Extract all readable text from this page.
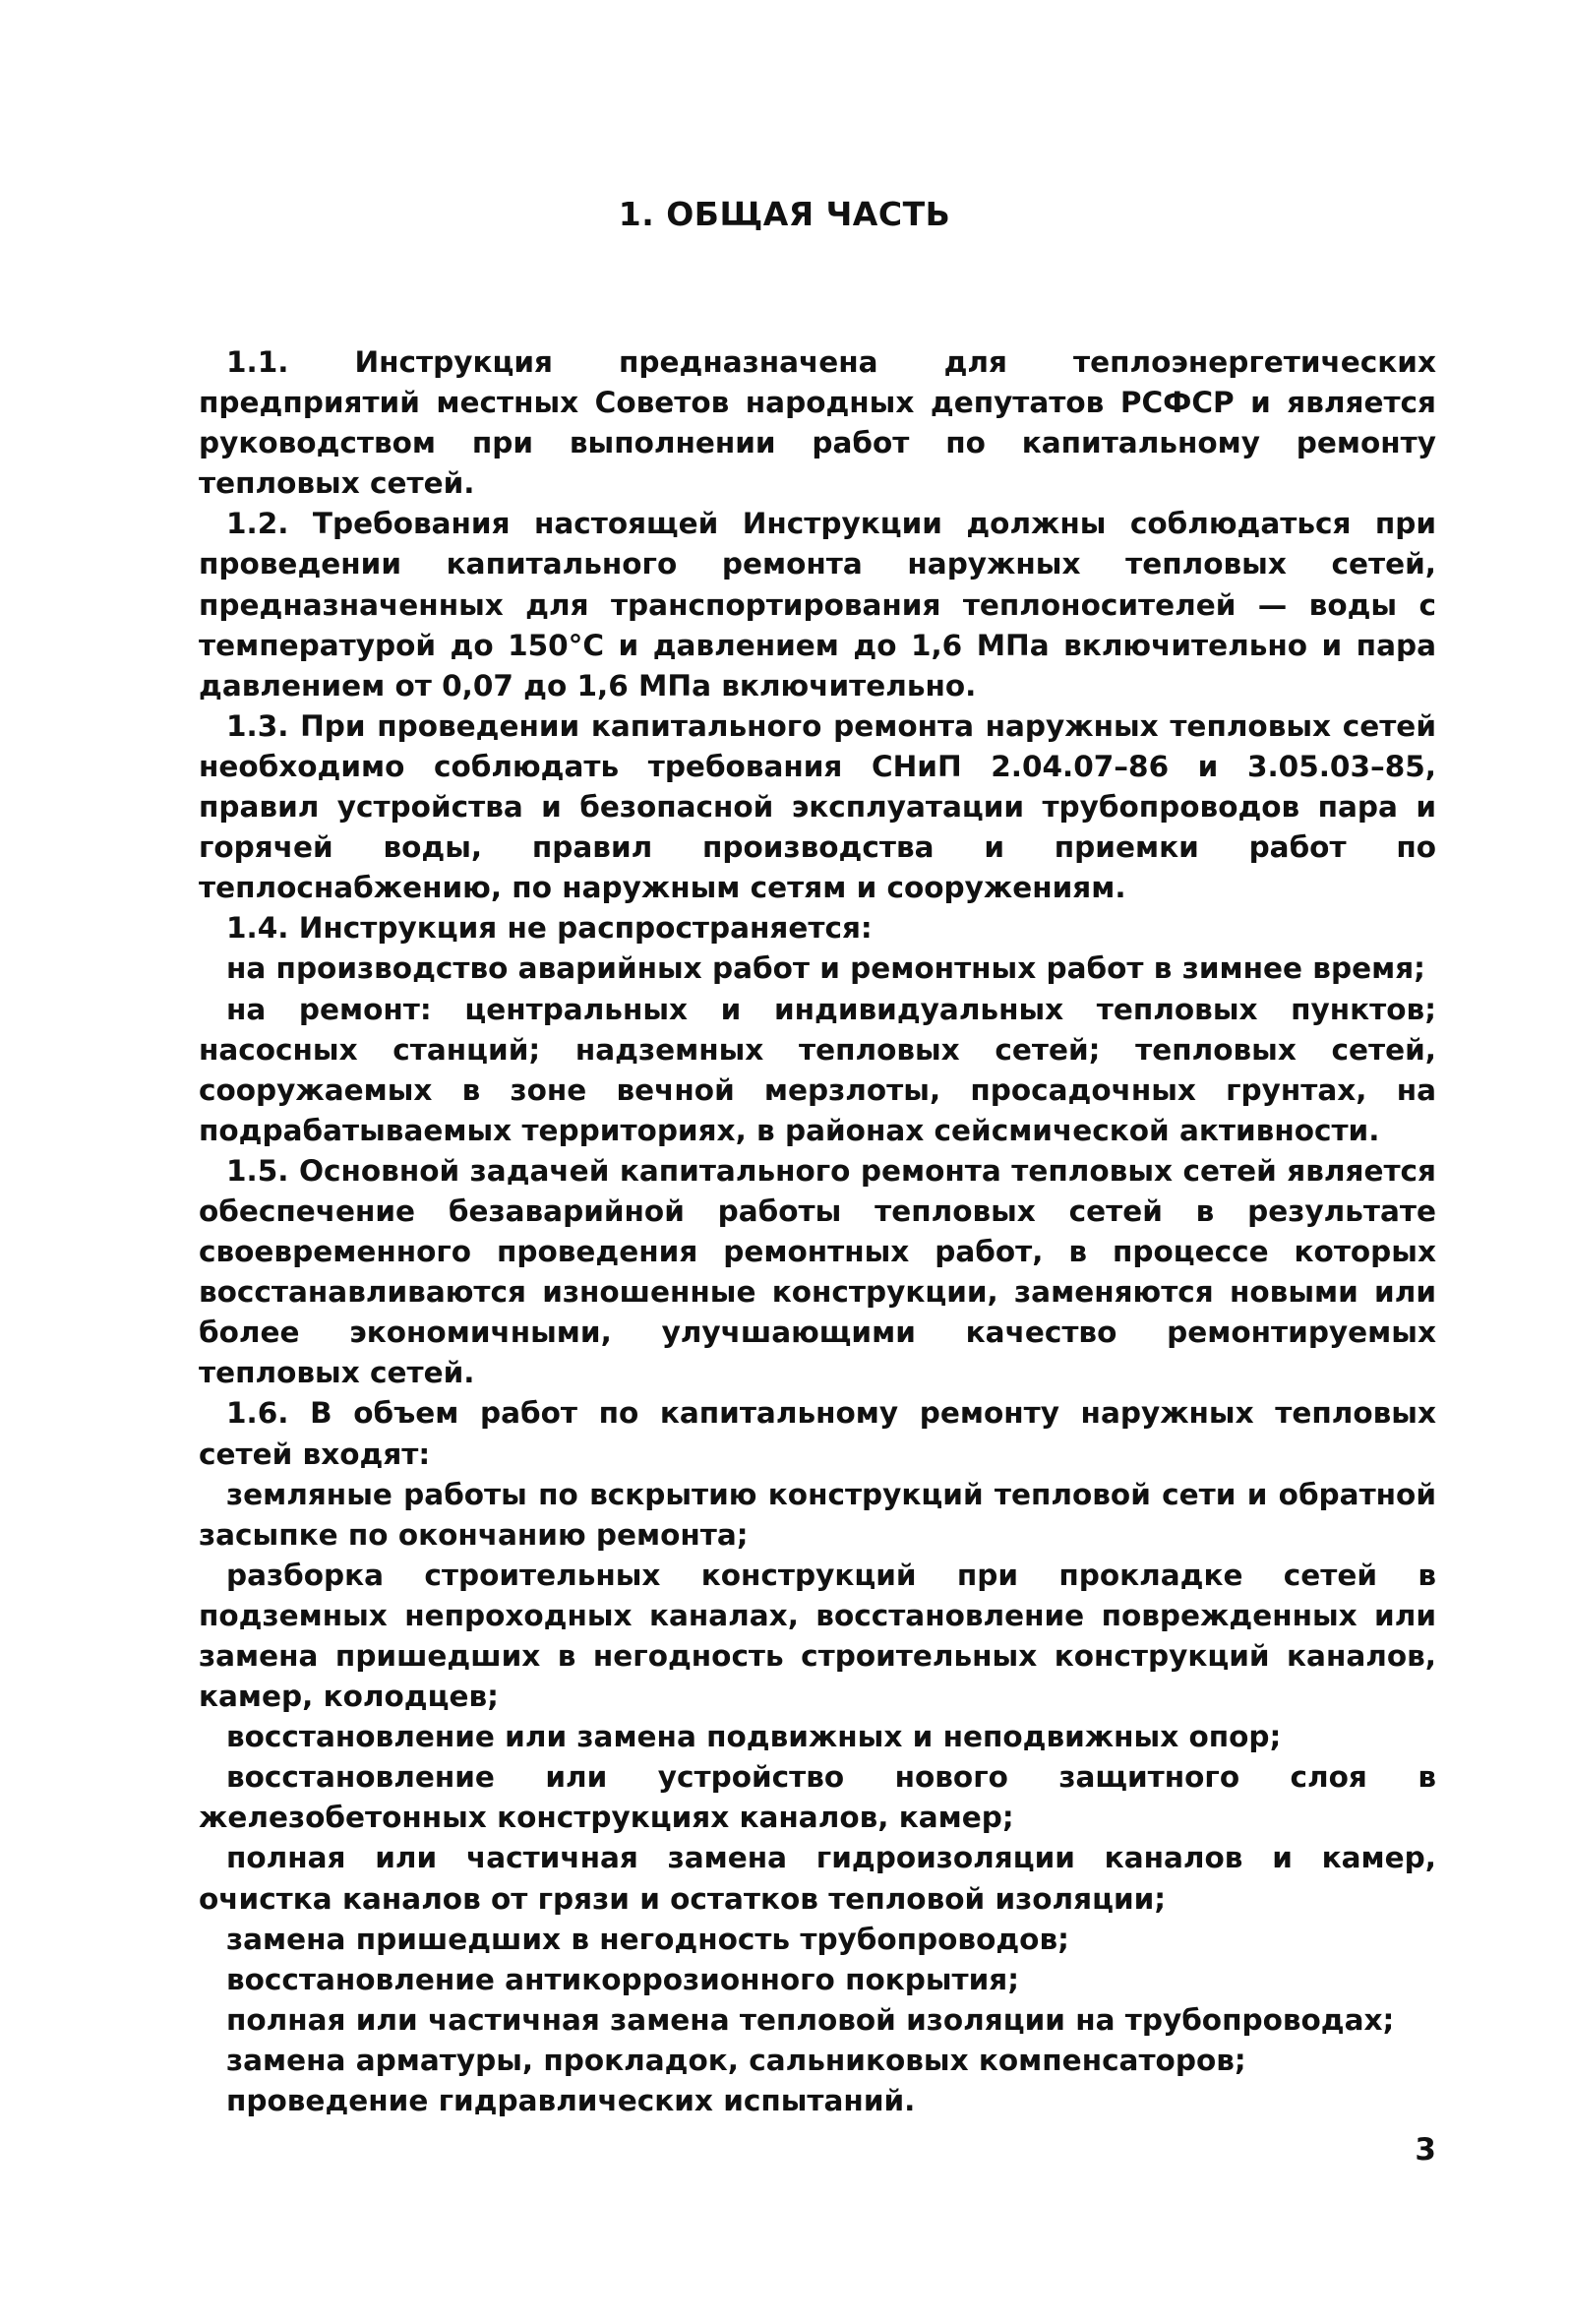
1. ОБЩАЯ ЧАСТЬ

1.1. Инструкция предназначена для теплоэнергетических предприятий местных Советов народных депутатов РСФСР и является руководством при выполнении работ по капитальному ремонту тепловых сетей.

1.2. Требования настоящей Инструкции должны соблюдаться при проведении капитального ремонта наружных тепловых сетей, предназначенных для транспортирования теплоносителей — воды с температурой до 150°С и давлением до 1,6 МПа включительно и пара давлением от 0,07 до 1,6 МПа включительно.

1.3. При проведении капитального ремонта наружных тепловых сетей необходимо соблюдать требования СНиП 2.04.07–86 и 3.05.03–85, правил устройства и безопасной эксплуатации трубопроводов пара и горячей воды, правил производства и приемки работ по теплоснабжению, по наружным сетям и сооружениям.

1.4. Инструкция не распространяется:

на производство аварийных работ и ремонтных работ в зимнее время;

на ремонт: центральных и индивидуальных тепловых пунктов; насосных станций; надземных тепловых сетей; тепловых сетей, сооружаемых в зоне вечной мерзлоты, просадочных грунтах, на подрабатываемых территориях, в районах сейсмической активности.

1.5. Основной задачей капитального ремонта тепловых сетей является обеспечение безаварийной работы тепловых сетей в результате своевременного проведения ремонтных работ, в процессе которых восстанавливаются изношенные конструкции, заменяются новыми или более экономичными, улучшающими качество ремонтируемых тепловых сетей.

1.6. В объем работ по капитальному ремонту наружных тепловых сетей входят:

земляные работы по вскрытию конструкций тепловой сети и обратной засыпке по окончанию ремонта;

разборка строительных конструкций при прокладке сетей в подземных непроходных каналах, восстановление поврежденных или замена пришедших в негодность строительных конструкций каналов, камер, колодцев;

восстановление или замена подвижных и неподвижных опор;

восстановление или устройство нового защитного слоя в железобетонных конструкциях каналов, камер;

полная или частичная замена гидроизоляции каналов и камер, очистка каналов от грязи и остатков тепловой изоляции;

замена пришедших в негодность трубопроводов;

восстановление антикоррозионного покрытия;

полная или частичная замена тепловой изоляции на трубопроводах;

замена арматуры, прокладок, сальниковых компенсаторов;

проведение гидравлических испытаний.

3
